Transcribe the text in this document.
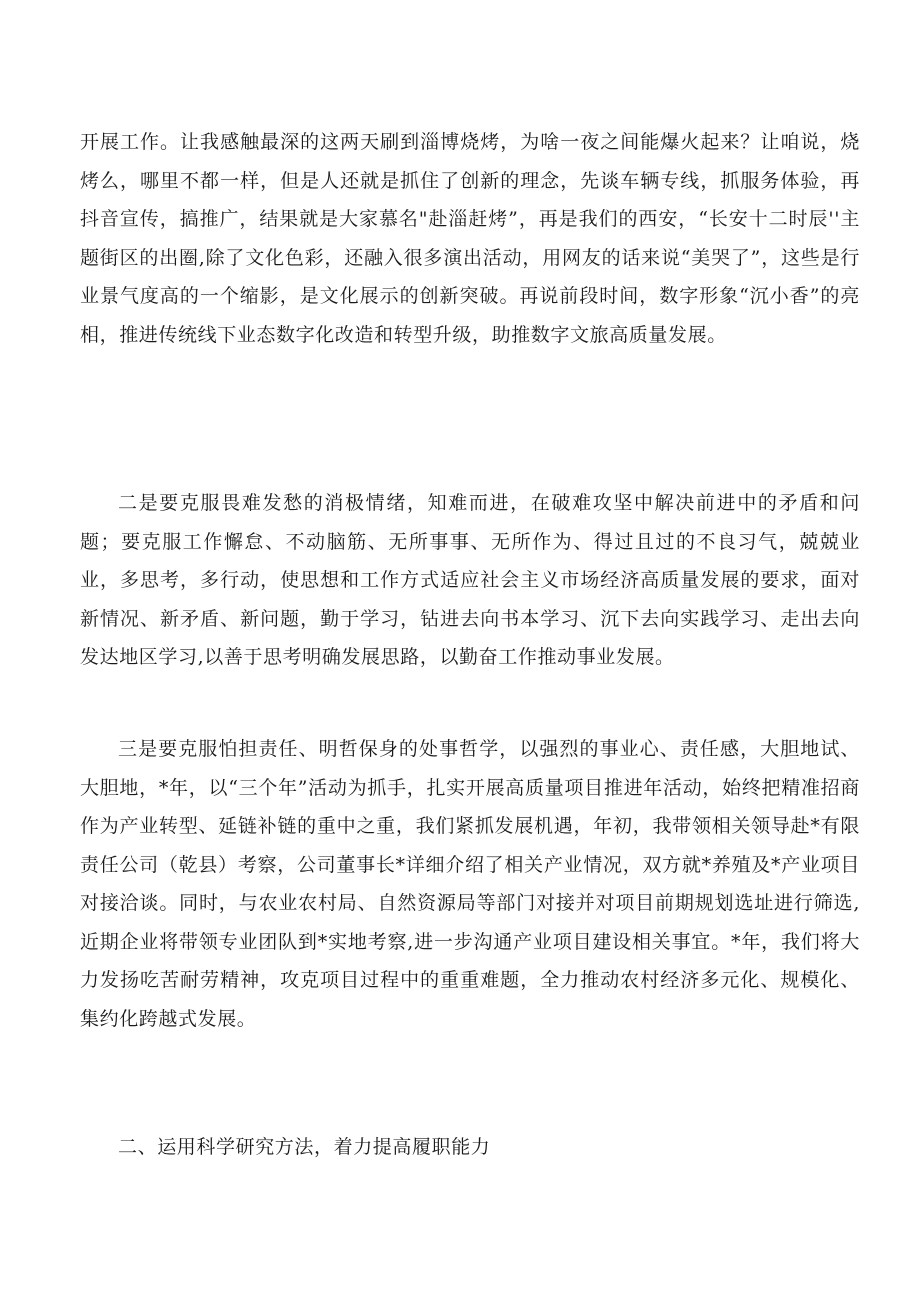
开展工作。让我感触最深的这两天刷到淄博烧烤，为啥一夜之间能爆火起来？让咱说，烧烤么，哪里不都一样，但是人还就是抓住了创新的理念，先谈车辆专线，抓服务体验，再抖音宣传，搞推广，结果就是大家慕名"赴淄赶烤”，再是我们的西安，“长安十二时辰''主题街区的出圈,除了文化色彩，还融入很多演出活动，用网友的话来说“美哭了”，这些是行业景气度高的一个缩影，是文化展示的创新突破。再说前段时间，数字形象“沉小香”的亮相，推进传统线下业态数字化改造和转型升级，助推数字文旅高质量发展。

二是要克服畏难发愁的消极情绪，知难而进，在破难攻坚中解决前进中的矛盾和问题；要克服工作懈怠、不动脑筋、无所事事、无所作为、得过且过的不良习气，兢兢业业，多思考，多行动，使思想和工作方式适应社会主义市场经济高质量发展的要求，面对新情况、新矛盾、新问题，勤于学习，钻进去向书本学习、沉下去向实践学习、走出去向发达地区学习,以善于思考明确发展思路，以勤奋工作推动事业发展。

三是要克服怕担责任、明哲保身的处事哲学，以强烈的事业心、责任感，大胆地试、大胆地，*年，以“三个年”活动为抓手，扎实开展高质量项目推进年活动，始终把精准招商作为产业转型、延链补链的重中之重，我们紧抓发展机遇，年初，我带领相关领导赴*有限责任公司（乾县）考察，公司董事长*详细介绍了相关产业情况，双方就*养殖及*产业项目对接洽谈。同时，与农业农村局、自然资源局等部门对接并对项目前期规划选址进行筛选,近期企业将带领专业团队到*实地考察,进一步沟通产业项目建设相关事宜。*年，我们将大力发扬吃苦耐劳精神，攻克项目过程中的重重难题，全力推动农村经济多元化、规模化、集约化跨越式发展。

二、运用科学研究方法，着力提高履职能力
